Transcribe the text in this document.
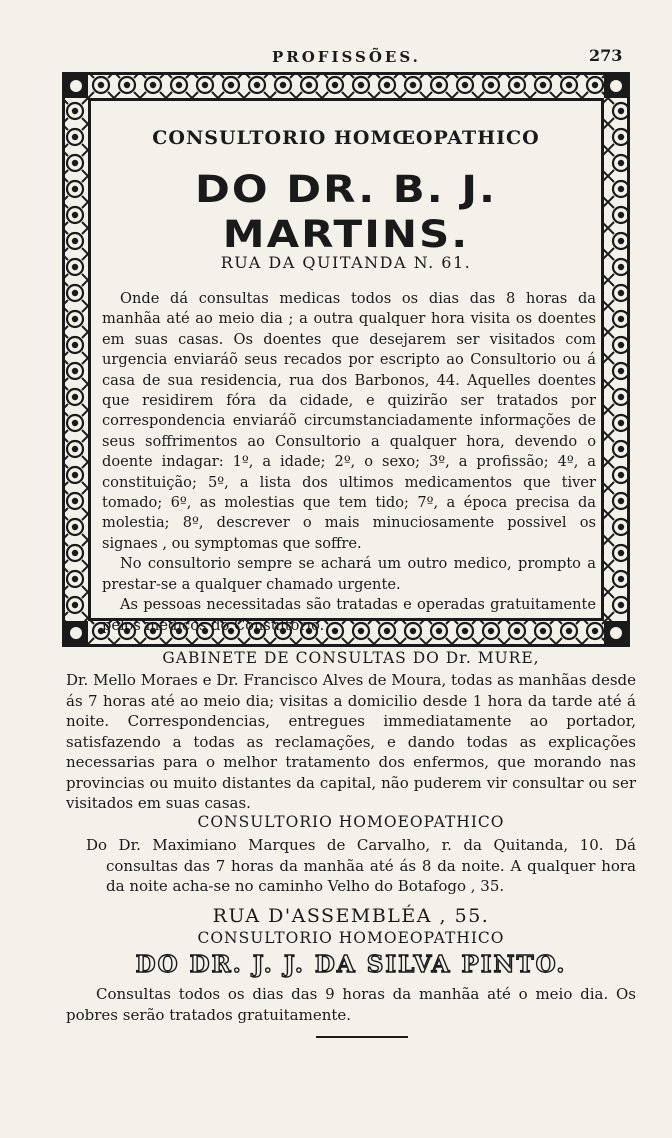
PROFISSÕES.	273
CONSULTORIO HOMŒOPATHICO
DO DR. B. J. MARTINS.
RUA DA QUITANDA N. 61.

Onde dá consultas medicas todos os dias das 8 horas da manhãa até ao meio dia ; a outra qualquer hora visita os doentes em suas casas. Os doentes que desejarem ser visitados com urgencia enviaráõ seus recados por escripto ao Consultorio ou á casa de sua residencia, rua dos Barbonos, 44. Aquelles doentes que residirem fóra da cidade, e quizirão ser tratados por correspondencia enviaráõ circumstanciadamente informações de seus soffrimentos ao Consultorio a qualquer hora, devendo o doente indagar: 1º, a idade; 2º, o sexo; 3º, a profissão; 4º, a constituição; 5º, a lista dos ultimos medicamentos que tiver tomado; 6º, as molestias que tem tido; 7º, a época precisa da molestia; 8º, descrever o mais minuciosamente possivel os signaes , ou symptomas que soffre.

No consultorio sempre se achará um outro medico, prompto a prestar-se a qualquer chamado urgente.

As pessoas necessitadas são tratadas e operadas gratuitamente pelos medicos do Consultorio.

GABINETE DE CONSULTAS DO Dr. MURE,
Dr. Mello Moraes e Dr. Francisco Alves de Moura, todas as manhãas desde ás 7 horas até ao meio dia; visitas a domicilio desde 1 hora da tarde até á noite. Correspondencias, entregues immediatamente ao portador, satisfazendo a todas as reclamações, e dando todas as explicações necessarias para o melhor tratamento dos enfermos, que morando nas provincias ou muito distantes da capital, não puderem vir consultar ou ser visitados em suas casas.
CONSULTORIO HOMOEOPATHICO
Do Dr. Maximiano Marques de Carvalho, r. da Quitanda, 10. Dá consultas das 7 horas da manhãa até ás 8 da noite. A qualquer hora da noite acha-se no caminho Velho do Botafogo , 35.
RUA D'ASSEMBLÉA , 55.
CONSULTORIO HOMOEOPATHICO
DO DR. J. J. DA SILVA PINTO.
Consultas todos os dias das 9 horas da manhãa até o meio dia. Os pobres serão tratados gratuitamente.
